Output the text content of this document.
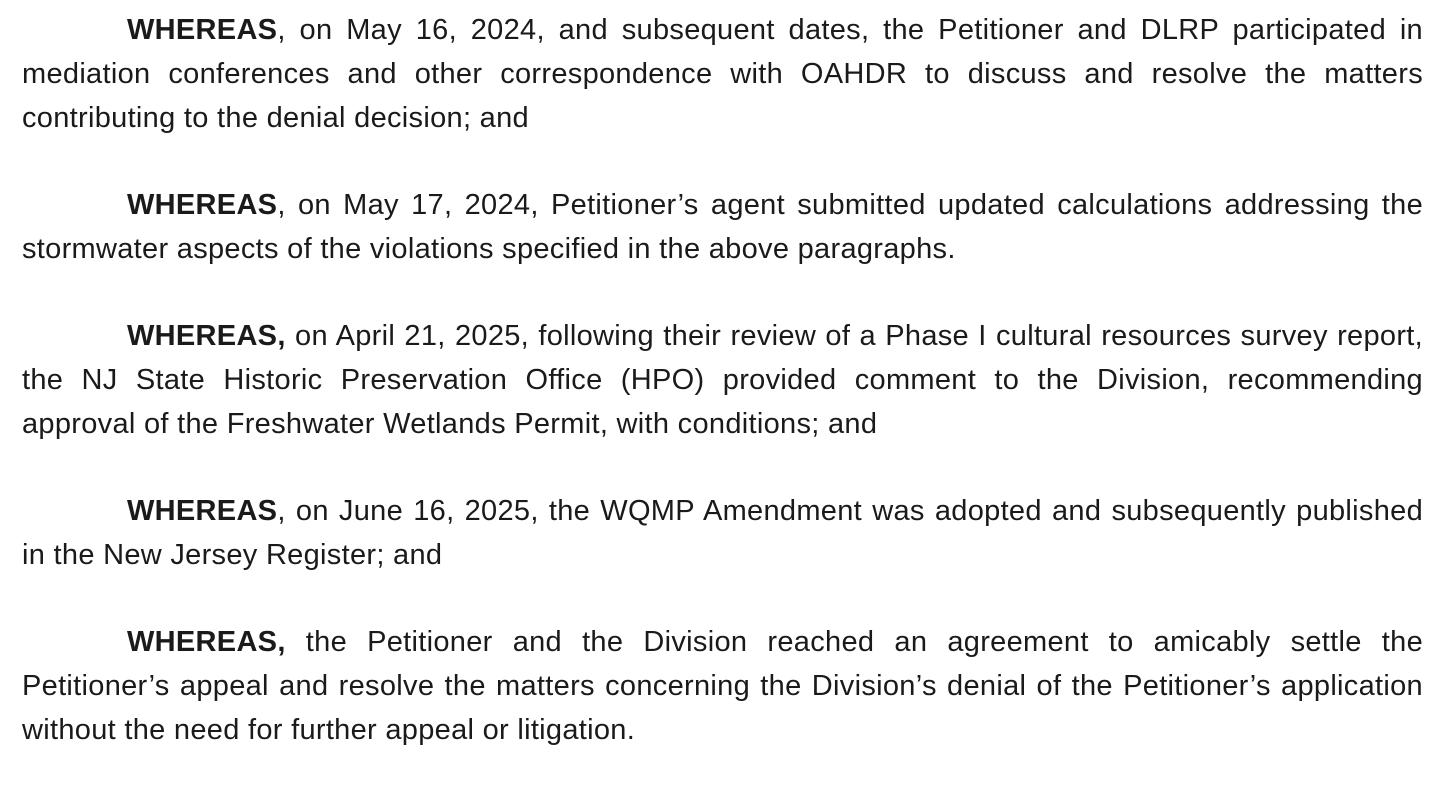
WHEREAS, on May 16, 2024, and subsequent dates, the Petitioner and DLRP participated in mediation conferences and other correspondence with OAHDR to discuss and resolve the matters contributing to the denial decision; and

WHEREAS, on May 17, 2024, Petitioner’s agent submitted updated calculations addressing the stormwater aspects of the violations specified in the above paragraphs.

WHEREAS, on April 21, 2025, following their review of a Phase I cultural resources survey report, the NJ State Historic Preservation Office (HPO) provided comment to the Division, recommending approval of the Freshwater Wetlands Permit, with conditions; and

WHEREAS, on June 16, 2025, the WQMP Amendment was adopted and subsequently published in the New Jersey Register; and

WHEREAS, the Petitioner and the Division reached an agreement to amicably settle the Petitioner’s appeal and resolve the matters concerning the Division’s denial of the Petitioner’s application without the need for further appeal or litigation.
